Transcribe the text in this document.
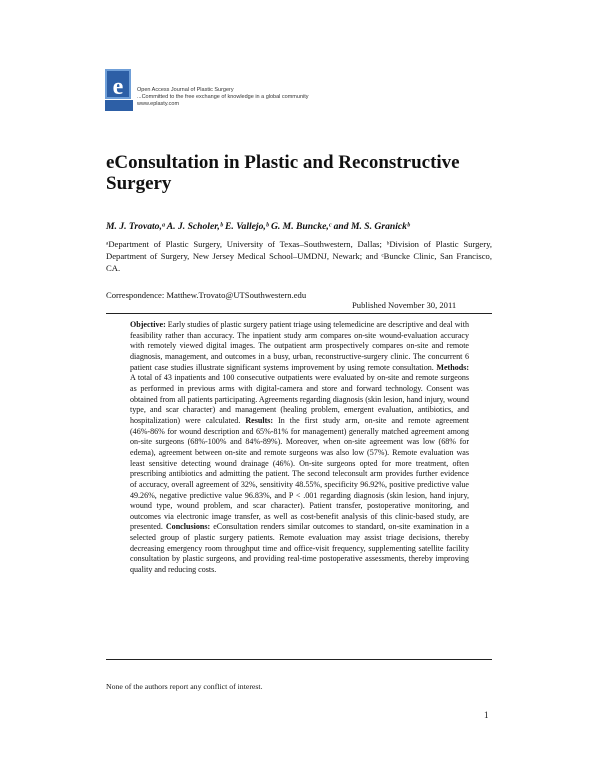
e Open Access Journal of Plastic Surgery
...Committed to the free exchange of knowledge in a global community
www.eplasty.com
eConsultation in Plastic and Reconstructive Surgery
M. J. Trovato,ᵃ A. J. Scholer,ᵇ E. Vallejo,ᵇ G. M. Buncke,ᶜ and M. S. Granickᵇ
ᵃDepartment of Plastic Surgery, University of Texas–Southwestern, Dallas; ᵇDivision of Plastic Surgery, Department of Surgery, New Jersey Medical School–UMDNJ, Newark; and ᶜBuncke Clinic, San Francisco, CA.
Correspondence: Matthew.Trovato@UTSouthwestern.edu
Published November 30, 2011
Objective: Early studies of plastic surgery patient triage using telemedicine are descriptive and deal with feasibility rather than accuracy. The inpatient study arm compares on-site wound-evaluation accuracy with remotely viewed digital images. The outpatient arm prospectively compares on-site and remote diagnosis, management, and outcomes in a busy, urban, reconstructive-surgery clinic. The concurrent 6 patient case studies illustrate significant systems improvement by using remote consultation. Methods: A total of 43 inpatients and 100 consecutive outpatients were evaluated by on-site and remote surgeons as performed in previous arms with digital-camera and store and forward technology. Consent was obtained from all patients participating. Agreements regarding diagnosis (skin lesion, hand injury, wound type, and scar character) and management (healing problem, emergent evaluation, antibiotics, and hospitalization) were calculated. Results: In the first study arm, on-site and remote agreement (46%-86% for wound description and 65%-81% for management) generally matched agreement among on-site surgeons (68%-100% and 84%-89%). Moreover, when on-site agreement was low (68% for edema), agreement between on-site and remote surgeons was also low (57%). Remote evaluation was least sensitive detecting wound drainage (46%). On-site surgeons opted for more treatment, often prescribing antibiotics and admitting the patient. The second teleconsult arm provides further evidence of accuracy, overall agreement of 32%, sensitivity 48.55%, specificity 96.92%, positive predictive value 49.26%, negative predictive value 96.83%, and P < .001 regarding diagnosis (skin lesion, hand injury, wound type, wound problem, and scar character). Patient transfer, postoperative monitoring, and outcomes via electronic image transfer, as well as cost-benefit analysis of this clinic-based study, are presented. Conclusions: eConsultation renders similar outcomes to standard, on-site examination in a selected group of plastic surgery patients. Remote evaluation may assist triage decisions, thereby decreasing emergency room throughput time and office-visit frequency, supplementing satellite facility consultation by plastic surgeons, and providing real-time postoperative assessments, thereby improving quality and reducing costs.
None of the authors report any conflict of interest.
1
